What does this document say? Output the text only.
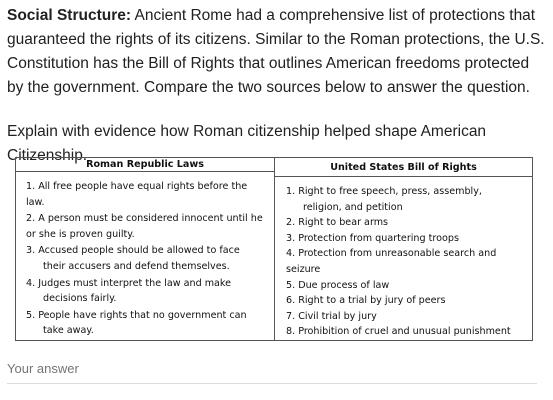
Social Structure: Ancient Rome had a comprehensive list of protections that guaranteed the rights of its citizens. Similar to the Roman protections, the U.S. Constitution has the Bill of Rights that outlines American freedoms protected by the government. Compare the two sources below to answer the question.

Explain with evidence how Roman citizenship helped shape American Citizenship.

Roman Republic Laws
1. All free people have equal rights before the law.
2. A person must be considered innocent until he
or she is proven guilty.
3. Accused people should be allowed to face
their accusers and defend themselves.
4. Judges must interpret the law and make
decisions fairly.
5. People have rights that no government can
take away.
United States Bill of Rights
1. Right to free speech, press, assembly,
religion, and petition
2. Right to bear arms
3. Protection from quartering troops
4. Protection from unreasonable search and
seizure
5. Due process of law
6. Right to a trial by jury of peers
7. Civil trial by jury
8. Prohibition of cruel and unusual punishment
Your answer
